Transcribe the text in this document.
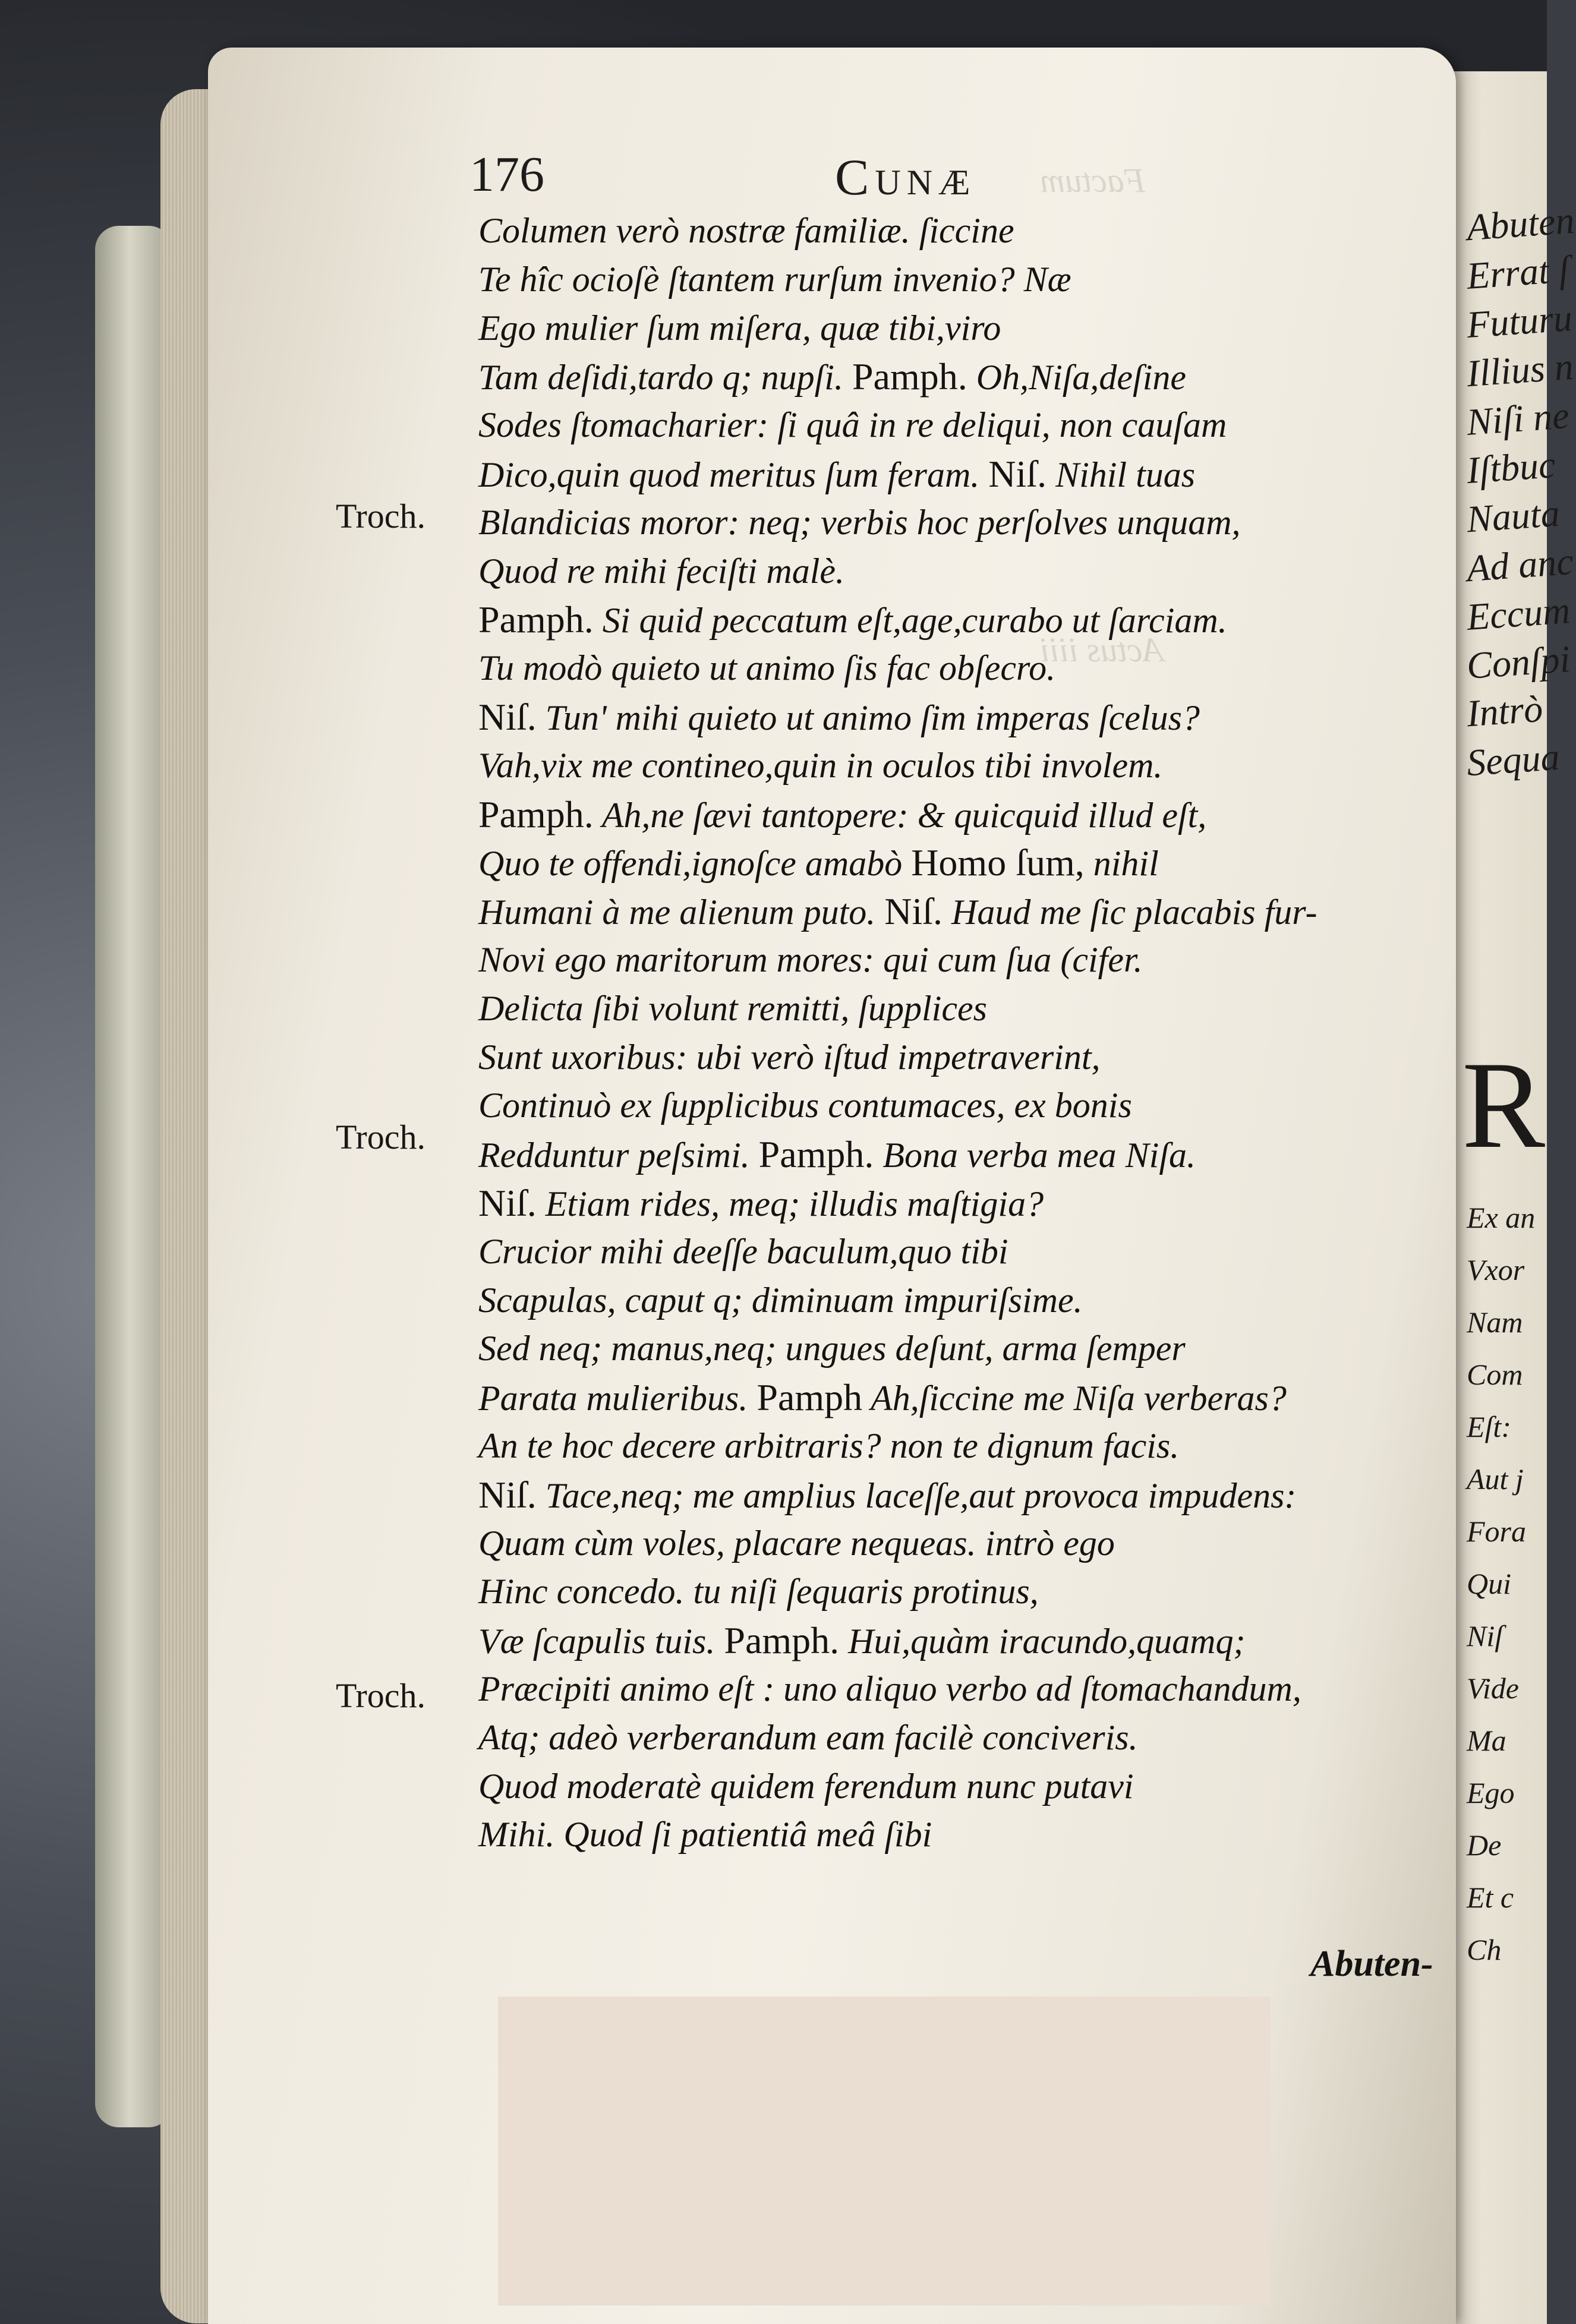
Abuten
Errat ſ
Futuru
Illius n
Niſi ne
Iſtbuc
Nauta
Ad anc
Eccum
Conſpi
Intrò
Sequa
R
Ex an
Vxor
Nam
Com
Eſt:
Aut j
Fora
Qui
Niſ
Vide
Ma
Ego
De
Et c
Ch
Factum
Actus iiii
176	Cunæ
Troch.
Troch.
Troch.
Columen verò nostræ familiæ. ſiccine
Te hîc ocioſè ſtantem rurſum invenio? Næ
Ego mulier ſum miſera, quæ tibi,viro
Tam deſidi,tardo q; nupſi. Pamph. Oh,Niſa,deſine
Sodes ſtomacharier: ſi quâ in re deliqui, non cauſam
Dico,quin quod meritus ſum feram. Niſ. Nihil tuas
Blandicias moror: neq; verbis hoc perſolves unquam,
Quod re mihi feciſti malè.
Pamph. Si quid peccatum eſt,age,curabo ut ſarciam.
Tu modò quieto ut animo ſis fac obſecro.
Niſ. Tun' mihi quieto ut animo ſim imperas ſcelus?
Vah,vix me contineo,quin in oculos tibi involem.
Pamph. Ah,ne ſævi tantopere: & quicquid illud eſt,
Quo te offendi,ignoſce amabò Homo ſum, nihil
Humani à me alienum puto. Niſ. Haud me ſic placabis fur-
Novi ego maritorum mores: qui cum ſua (cifer.
Delicta ſibi volunt remitti, ſupplices
Sunt uxoribus: ubi verò iſtud impetraverint,
Continuò ex ſupplicibus contumaces, ex bonis
Redduntur peſsimi. Pamph. Bona verba mea Niſa.
Niſ. Etiam rides, meq; illudis maſtigia?
Crucior mihi deeſſe baculum,quo tibi
Scapulas, caput q; diminuam impuriſsime.
Sed neq; manus,neq; ungues deſunt, arma ſemper
Parata mulieribus. Pamph Ah,ſiccine me Niſa verberas?
An te hoc decere arbitraris? non te dignum facis.
Niſ. Tace,neq; me amplius laceſſe,aut provoca impudens:
Quam cùm voles, placare nequeas. intrò ego
Hinc concedo. tu niſi ſequaris protinus,
Væ ſcapulis tuis. Pamph. Hui,quàm iracundo,quamq;
Præcipiti animo eſt : uno aliquo verbo ad ſtomachandum,
Atq; adeò verberandum eam facilè conciveris.
Quod moderatè quidem ferendum nunc putavi
Mihi. Quod ſi patientiâ meâ ſibi
Abuten-
